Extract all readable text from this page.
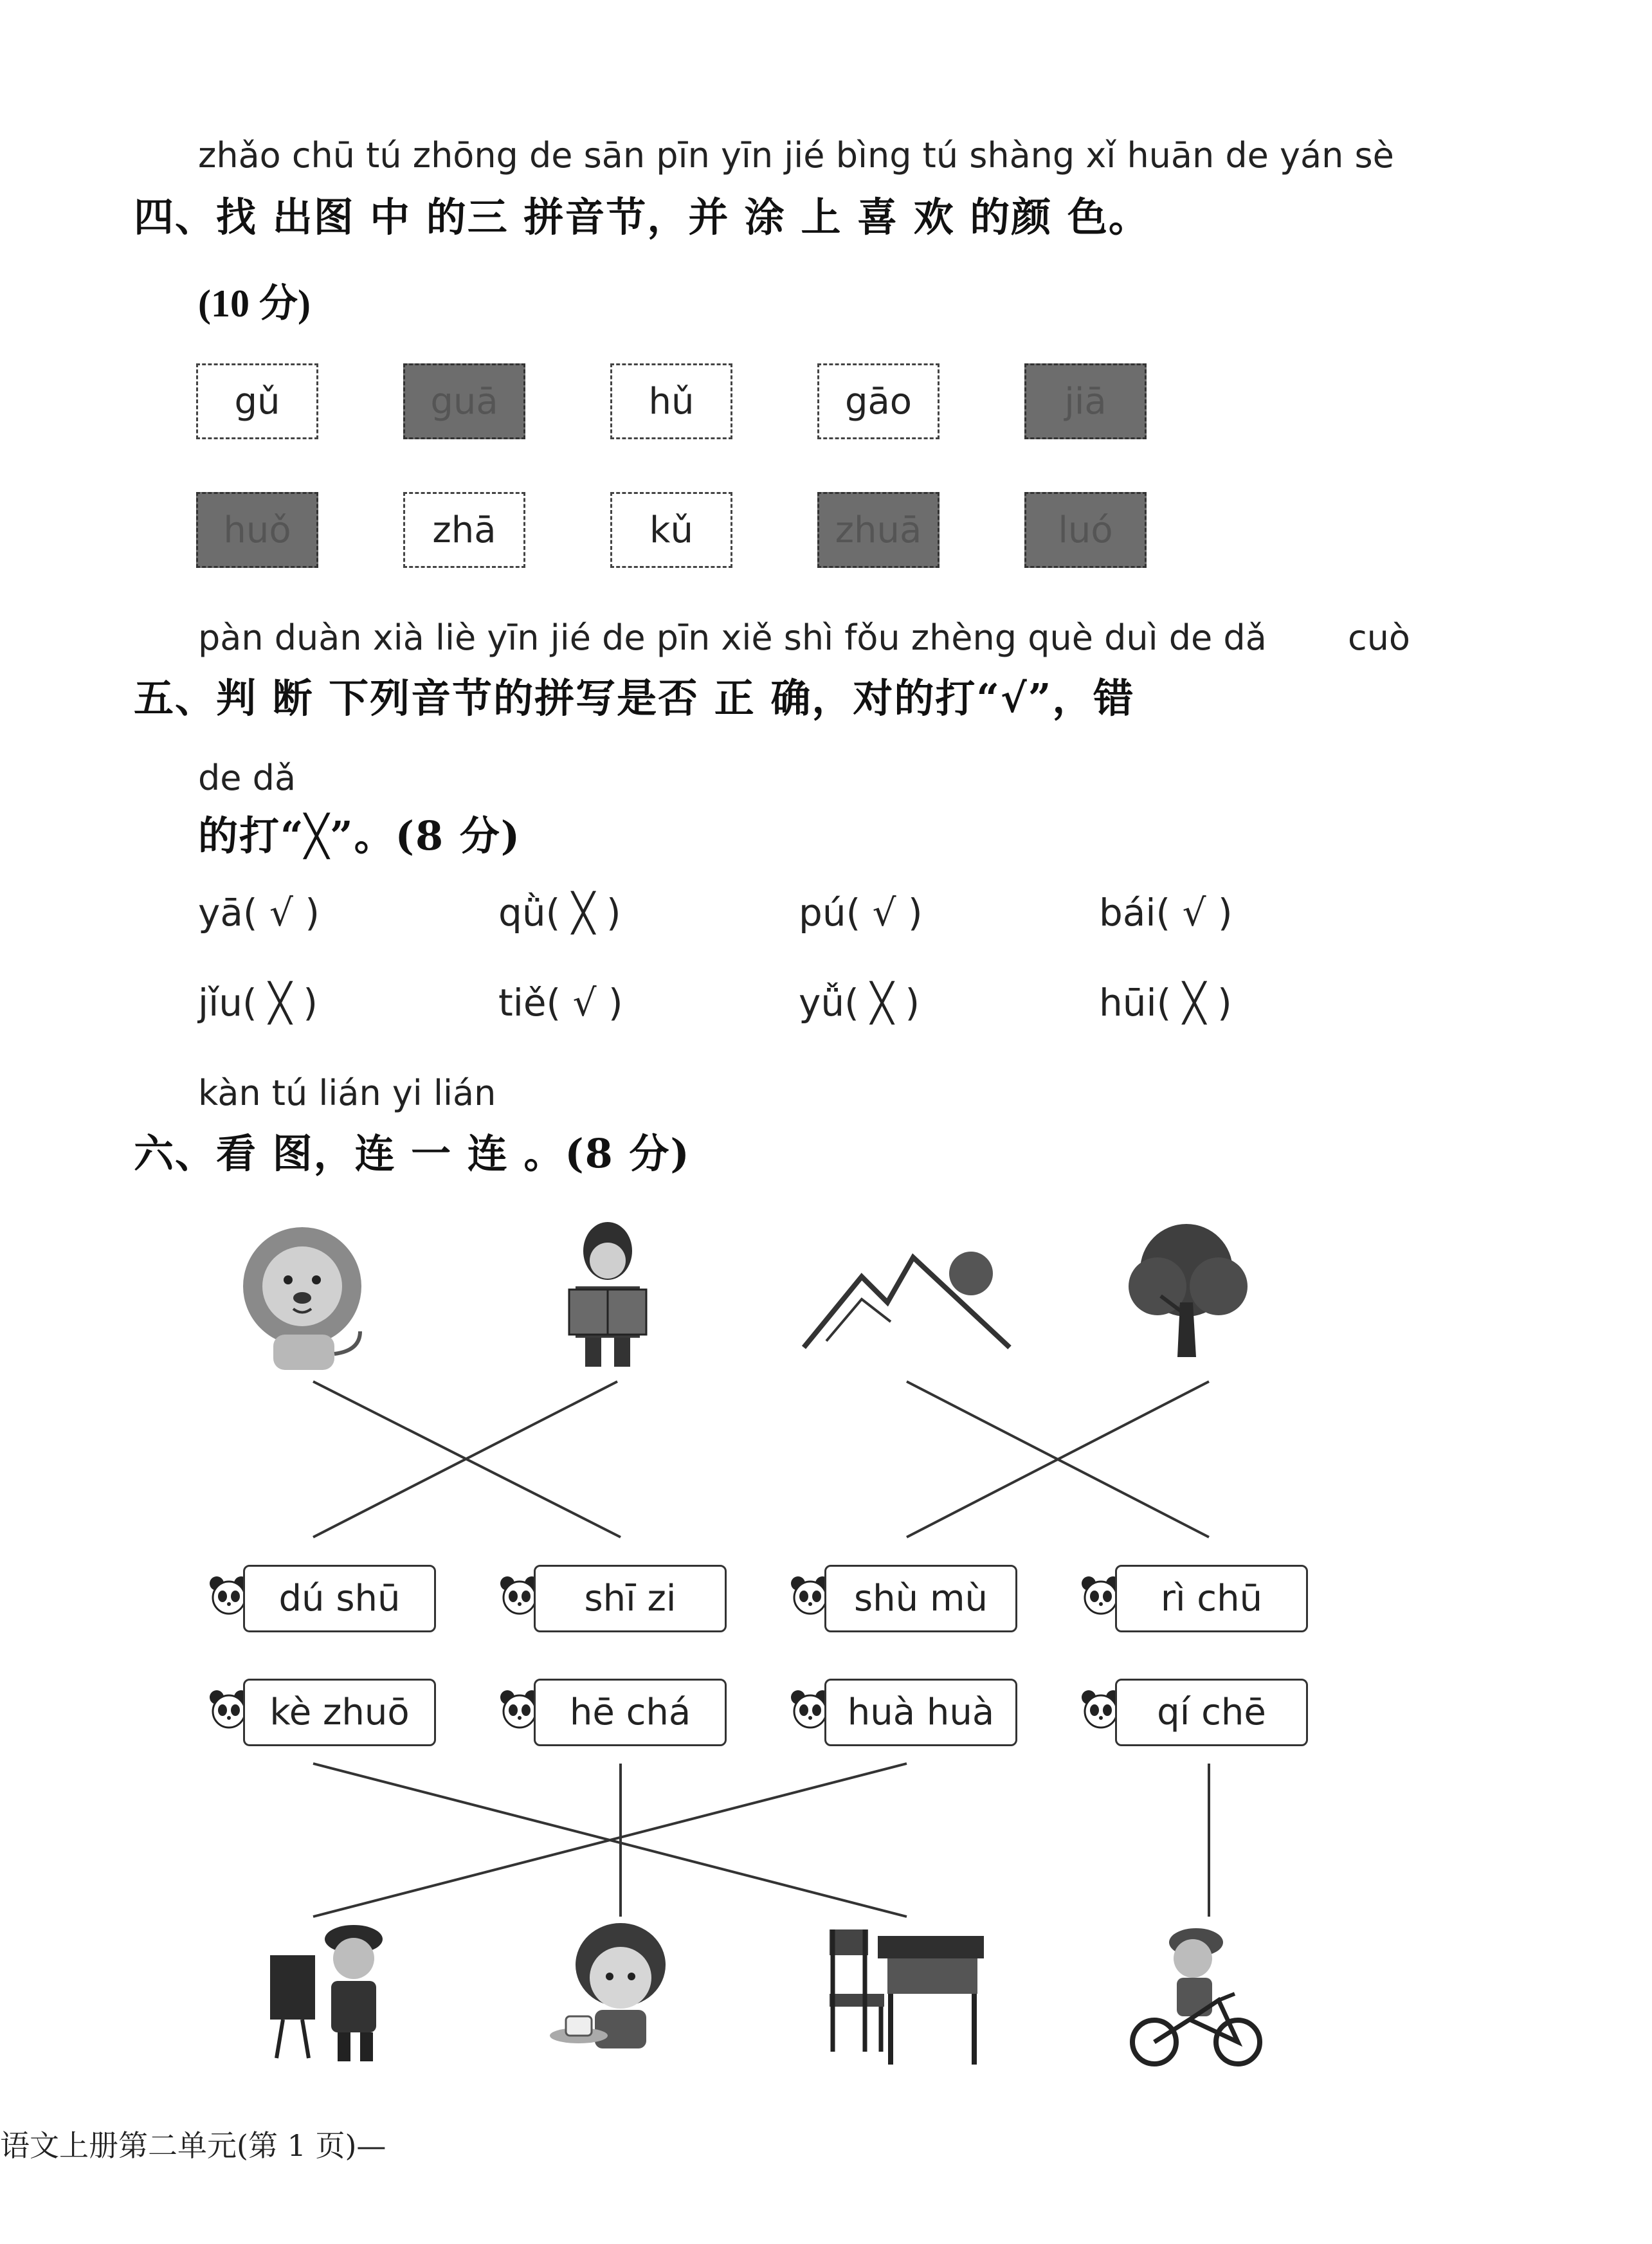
zhǎo chū tú zhōng de sān pīn yīn jié bìng tú shàng xǐ huān de yán sè
四、找 出图 中 的三 拼音节，并 涂 上 喜 欢 的颜 色。
(10 分)
gǔ	guā	hǔ	gāo	jiā
huǒ	zhā	kǔ	zhuā	luó
pàn duàn xià liè yīn jié de pīn xiě shì fǒu zhèng què duì de dǎ cuò
五、判 断 下列音节的拼写是否 正 确，对的打“√”，错
de dǎ
的打“╳”。(8 分)
yā( √ )	qǜ( ╳ )	pú( √ )	bái( √ )
jǐu( ╳ )	tiě( √ )	yǚ( ╳ )	hūi( ╳ )
kàn tú lián yi lián
六、看 图，连 一 连 。(8 分)
dú shū	shī zi	shù mù	rì chū
kè zhuō	hē chá	huà huà	qí chē
语文上册第二单元(第 1 页)—
